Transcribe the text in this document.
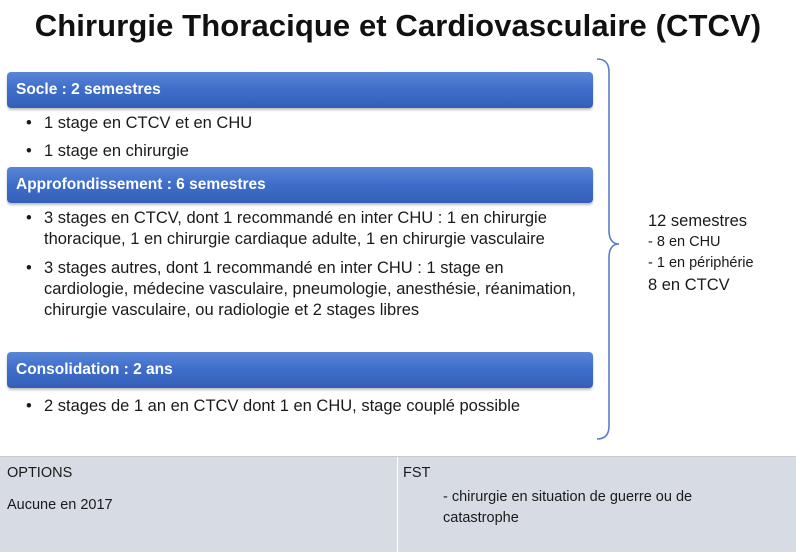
Chirurgie Thoracique et Cardiovasculaire (CTCV)
Socle : 2 semestres
• 1 stage en CTCV et en CHU
• 1 stage en chirurgie
Approfondissement : 6 semestres
• 3 stages en CTCV, dont 1 recommandé en inter CHU : 1 en chirurgie thoracique, 1 en chirurgie cardiaque adulte, 1 en chirurgie vasculaire
• 3 stages autres, dont 1 recommandé en inter CHU : 1 stage en cardiologie, médecine vasculaire, pneumologie, anesthésie, réanimation, chirurgie vasculaire, ou radiologie et 2 stages libres
Consolidation : 2 ans
• 2 stages de 1 an en CTCV dont 1 en CHU, stage couplé possible
12 semestres
- 8 en CHU
- 1 en périphérie
8 en CTCV
OPTIONS
Aucune en 2017
FST
- chirurgie en situation de guerre ou de catastrophe
